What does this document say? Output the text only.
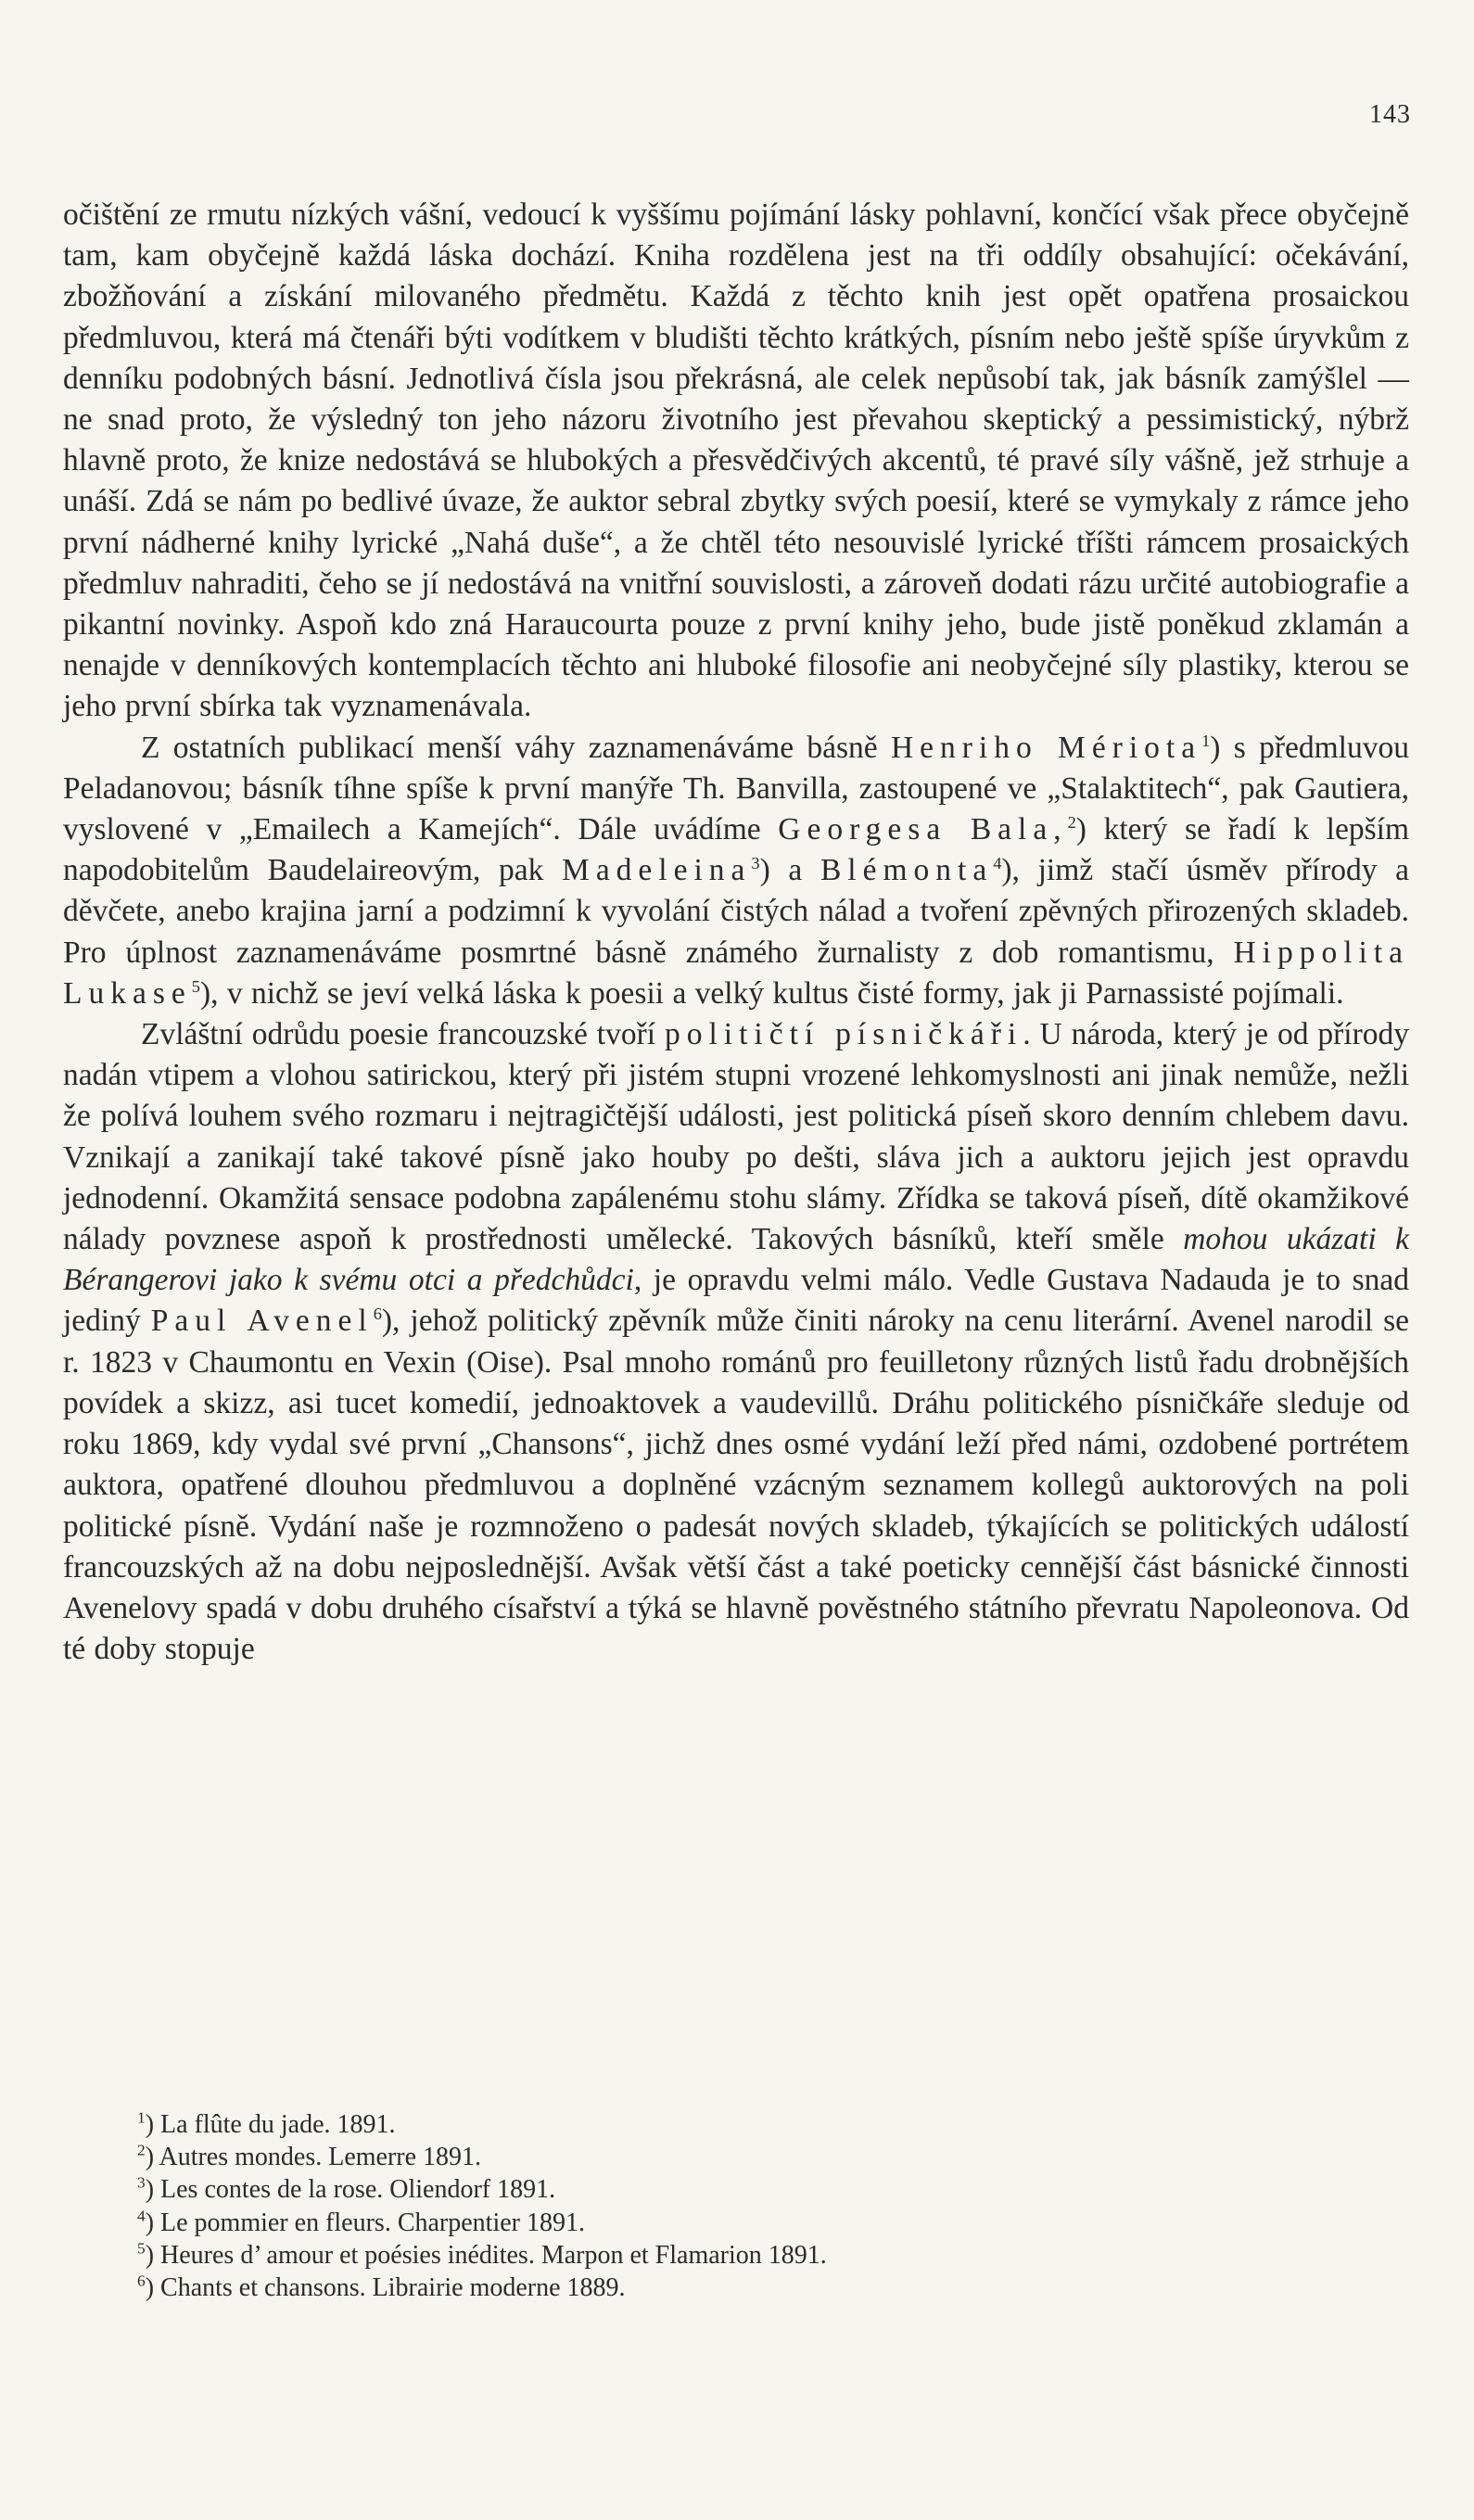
143

očištění ze rmutu nízkých vášní, vedoucí k vyššímu pojímání lásky pohlavní, končící však přece obyčejně tam, kam obyčejně každá láska dochází. Kniha rozdělena jest na tři oddíly obsahující: očekávání, zbožňování a získání milovaného předmětu. Každá z těchto knih jest opět opatřena prosaickou předmluvou, která má čtenáři býti vodítkem v bludišti těchto krátkých, písním nebo ještě spíše úryvkům z denníku podobných básní. Jednotlivá čísla jsou překrásná, ale celek nepůsobí tak, jak básník zamýšlel — ne snad proto, že výsledný ton jeho názoru životního jest převahou skeptický a pessimistický, nýbrž hlavně proto, že knize nedostává se hlubokých a přesvědčivých akcentů, té pravé síly vášně, jež strhuje a unáší. Zdá se nám po bedlivé úvaze, že auktor sebral zbytky svých poesií, které se vymykaly z rámce jeho první nádherné knihy lyrické „Nahá duše“, a že chtěl této nesouvislé lyrické tříšti rámcem prosaických předmluv nahraditi, čeho se jí nedostává na vnitřní souvislosti, a zároveň dodati rázu určité autobiografie a pikantní novinky. Aspoň kdo zná Haraucourta pouze z první knihy jeho, bude jistě poněkud zklamán a nenajde v denníkových kontemplacích těchto ani hluboké filosofie ani neobyčejné síly plastiky, kterou se jeho první sbírka tak vyznamenávala.

Z ostatních publikací menší váhy zaznamenáváme básně Henriho Mériota$^1$) s předmluvou Peladanovou; básník tíhne spíše k první manýře Th. Banvilla, zastoupené ve „Stalaktitech“, pak Gautiera, vyslovené v „Emailech a Kamejích“. Dále uvádíme Georgesa Bala,$^2$) který se řadí k lepším napodobitelům Baudelaireovým, pak Madeleina$^3$) a Blémonta$^4$), jimž stačí úsměv přírody a děvčete, anebo krajina jarní a podzimní k vyvolání čistých nálad a tvoření zpěvných přirozených skladeb. Pro úplnost zaznamenáváme posmrtné básně známého žurnalisty z dob romantismu, Hippolita Lukase$^5$), v nichž se jeví velká láska k poesii a velký kultus čisté formy, jak ji Parnassisté pojímali.

Zvláštní odrůdu poesie francouzské tvoří političtí písničkáři. U národa, který je od přírody nadán vtipem a vlohou satirickou, který při jistém stupni vrozené lehkomyslnosti ani jinak nemůže, nežli že polívá louhem svého rozmaru i nejtragičtější události, jest politická píseň skoro denním chlebem davu. Vznikají a zanikají také takové písně jako houby po dešti, sláva jich a auktoru jejich jest opravdu jednodenní. Okamžitá sensace podobna zapálenému stohu slámy. Zřídka se taková píseň, dítě okamžikové nálady povznese aspoň k prostřednosti umělecké. Takových básníků, kteří směle mohou ukázati k Bérangerovi jako k svému otci a předchůdci, je opravdu velmi málo. Vedle Gustava Nadauda je to snad jediný Paul Avenel$^6$), jehož politický zpěvník může činiti nároky na cenu literární. Avenel narodil se r. 1823 v Chaumontu en Vexin (Oise). Psal mnoho románů pro feuilletony různých listů řadu drobnějších povídek a skizz, asi tucet komedií, jednoaktovek a vaudevillů. Dráhu politického písničkáře sleduje od roku 1869, kdy vydal své první „Chansons“, jichž dnes osmé vydání leží před námi, ozdobené portrétem auktora, opatřené dlouhou předmluvou a doplněné vzácným seznamem kollegů auktorových na poli politické písně. Vydání naše je rozmnoženo o padesát nových skladeb, týkajících se politických událostí francouzských až na dobu nejposlednější. Avšak větší část a také poeticky cennější část básnické činnosti Avenelovy spadá v dobu druhého císařství a týká se hlavně pověstného státního převratu Napoleonova. Od té doby stopuje

$^1$) La flûte du jade. 1891.
$^2$) Autres mondes. Lemerre 1891.
$^3$) Les contes de la rose. Oliendorf 1891.
$^4$) Le pommier en fleurs. Charpentier 1891.
$^5$) Heures d’ amour et poésies inédites. Marpon et Flamarion 1891.
$^6$) Chants et chansons. Librairie moderne 1889.
